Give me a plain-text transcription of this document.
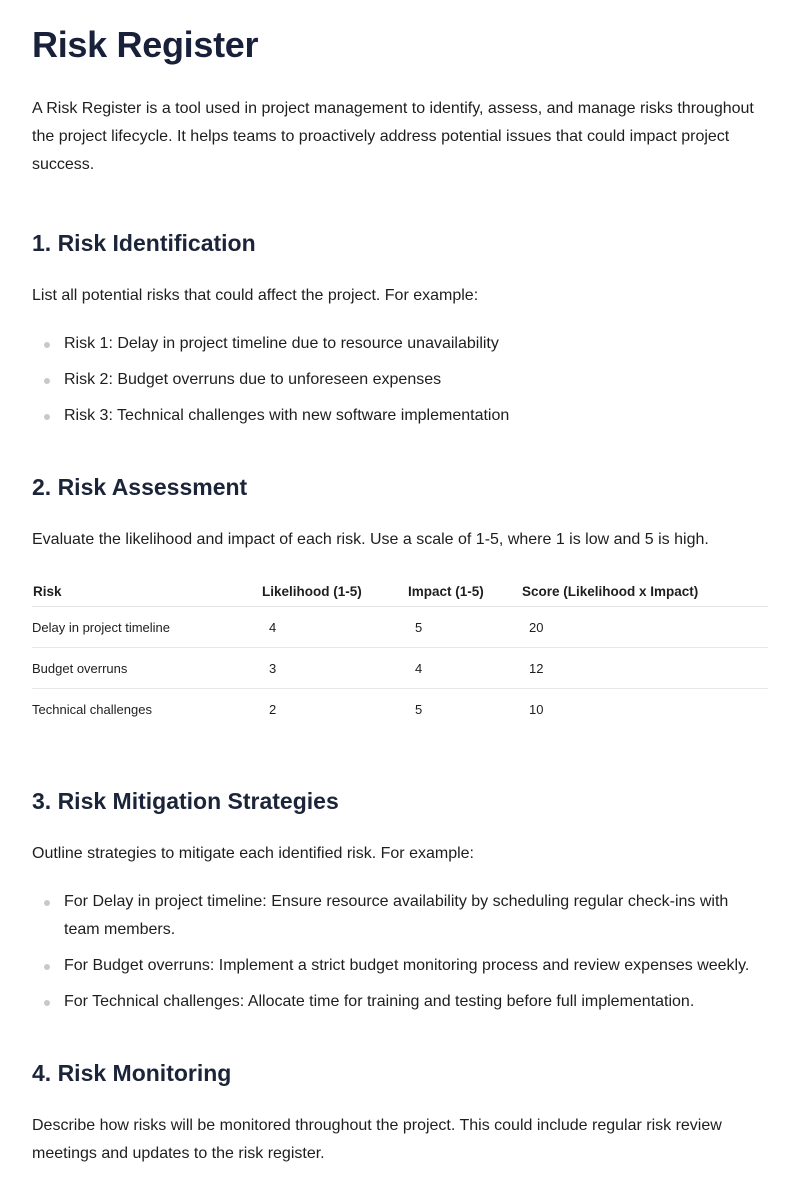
Risk Register

A Risk Register is a tool used in project management to identify, assess, and manage risks throughout the project lifecycle. It helps teams to proactively address potential issues that could impact project success.

1. Risk Identification

List all potential risks that could affect the project. For example:

Risk 1: Delay in project timeline due to resource unavailability
Risk 2: Budget overruns due to unforeseen expenses
Risk 3: Technical challenges with new software implementation
2. Risk Assessment

Evaluate the likelihood and impact of each risk. Use a scale of 1-5, where 1 is low and 5 is high.

Risk	Likelihood (1-5)	Impact (1-5)	Score (Likelihood x Impact)
Delay in project timeline	4	5	20
Budget overruns	3	4	12
Technical challenges	2	5	10
3. Risk Mitigation Strategies

Outline strategies to mitigate each identified risk. For example:

For Delay in project timeline: Ensure resource availability by scheduling regular check-ins with team members.
For Budget overruns: Implement a strict budget monitoring process and review expenses weekly.
For Technical challenges: Allocate time for training and testing before full implementation.
4. Risk Monitoring

Describe how risks will be monitored throughout the project. This could include regular risk review meetings and updates to the risk register.
